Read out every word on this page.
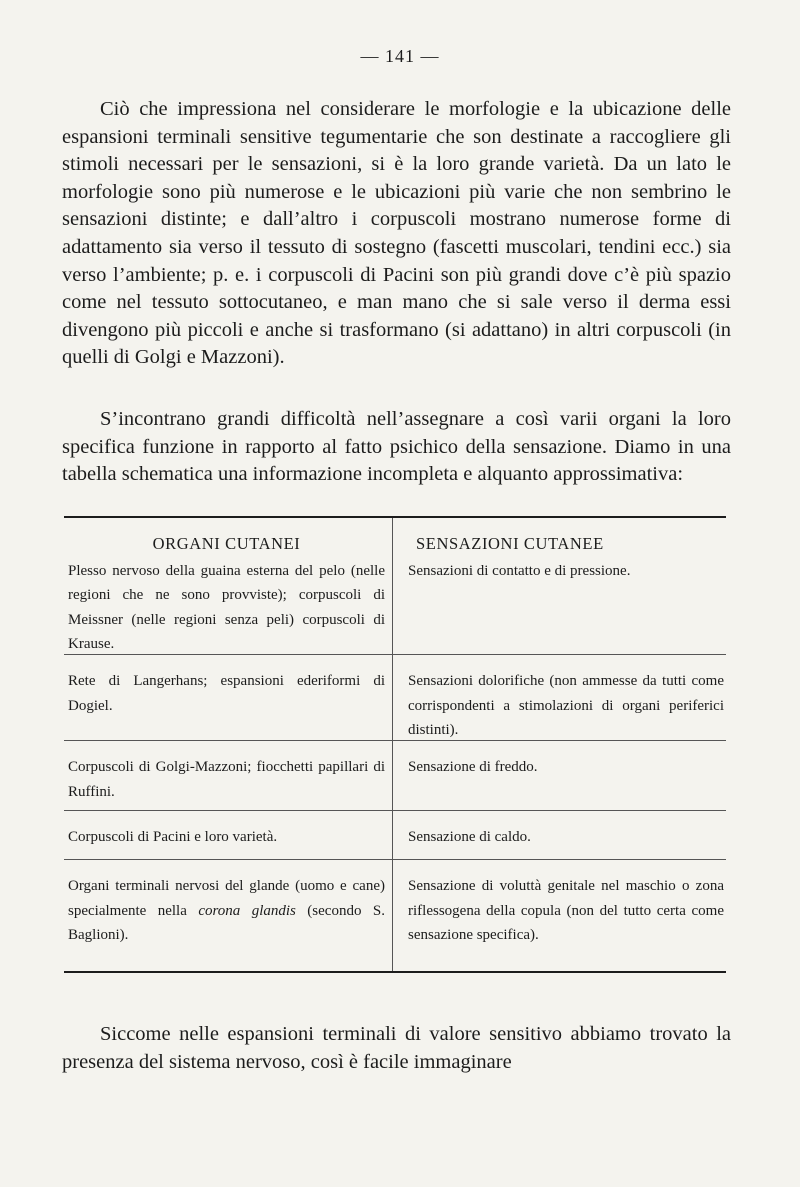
— 141 —

Ciò che impressiona nel considerare le morfologie e la ubicazione delle espansioni terminali sensitive tegumentarie che son destinate a raccogliere gli stimoli necessari per le sensazioni, si è la loro grande varietà. Da un lato le morfologie sono più numerose e le ubicazioni più varie che non sembrino le sensazioni distinte; e dall’altro i corpuscoli mostrano numerose forme di adattamento sia verso il tessuto di sostegno (fascetti muscolari, tendini ecc.) sia verso l’ambiente; p. e. i corpuscoli di Pacini son più grandi dove c’è più spazio come nel tessuto sottocutaneo, e man mano che si sale verso il derma essi divengono più piccoli e anche si trasformano (si adattano) in altri corpuscoli (in quelli di Golgi e Mazzoni).

S’incontrano grandi difficoltà nell’assegnare a così varii organi la loro specifica funzione in rapporto al fatto psichico della sensazione. Diamo in una tabella schematica una informazione incompleta e alquanto approssimativa:

ORGANI CUTANEI
Plesso nervoso della guaina esterna del pelo (nelle regioni che ne sono provviste); corpuscoli di Meissner (nelle regioni senza peli) corpuscoli di Krause.
SENSAZIONI CUTANEE
Sensazioni di contatto e di pressione.
Rete di Langerhans; espansioni ederiformi di Dogiel.
Sensazioni dolorifiche (non ammesse da tutti come corrispondenti a stimolazioni di organi periferici distinti).
Corpuscoli di Golgi-Mazzoni; fiocchetti papillari di Ruffini.
Sensazione di freddo.
Corpuscoli di Pacini e loro varietà.	Sensazione di caldo.
Organi terminali nervosi del glande (uomo e cane) specialmente nella corona glandis (secondo S. Baglioni).
Sensazione di voluttà genitale nel maschio o zona riflessogena della copula (non del tutto certa come sensazione specifica).

Siccome nelle espansioni terminali di valore sensitivo abbiamo trovato la presenza del sistema nervoso, così è facile immaginare
